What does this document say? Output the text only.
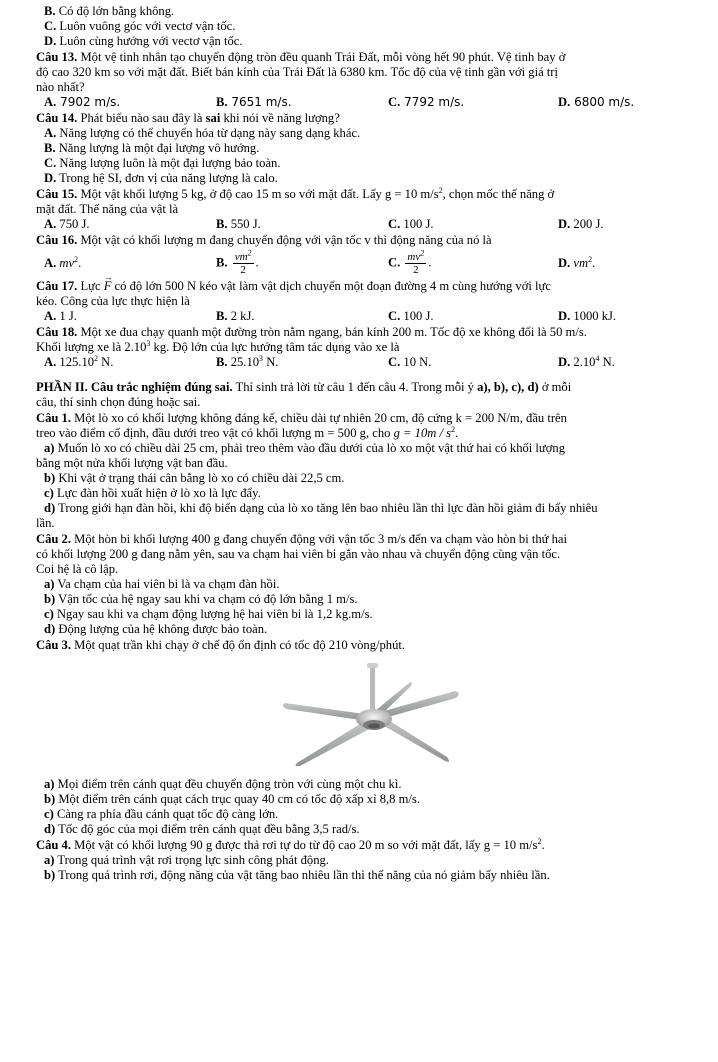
B. Có độ lớn bằng không.

C. Luôn vuông góc với vectơ vận tốc.

D. Luôn cùng hướng với vectơ vận tốc.

Câu 13. Một vệ tinh nhân tạo chuyển động tròn đều quanh Trái Đất, mỗi vòng hết 90 phút. Vệ tinh bay ở

độ cao 320 km so với mặt đất. Biết bán kính của Trái Đất là 6380 km. Tốc độ của vệ tinh gần với giá trị

nào nhất?

A. 7902 m/s.	B. 7651 m/s.	C. 7792 m/s.	D. 6800 m/s.

Câu 14. Phát biểu nào sau đây là sai khi nói về năng lượng?

A. Năng lượng có thể chuyển hóa từ dạng này sang dạng khác.

B. Năng lượng là một đại lượng vô hướng.

C. Năng lượng luôn là một đại lượng bảo toàn.

D. Trong hệ SI, đơn vị của năng lượng là calo.

Câu 15. Một vật khối lượng 5 kg, ở độ cao 15 m so với mặt đất. Lấy g = 10 $m/s^2$, chọn mốc thế năng ở

mặt đất. Thế năng của vật là

A. 750 J.	B. 550 J.	C. 100 J.	D. 200 J.

Câu 16. Một vật có khối lượng m đang chuyển động với vận tốc v thì động năng của nó là

A. $mv^2$.	B. $\frac{vm^2}{2}$ .	C. $\frac{mv^2}{2}$ .	D. $vm^2$.

Câu 17. Lực
→
F có độ lớn 500 N kéo vật làm vật dịch chuyển một đoạn đường 4 m cùng hướng với lực

kéo. Công của lực thực hiện là

A. 1 J.	B. 2 kJ.	C. 100 J.	D. 1000 kJ.

Câu 18. Một xe đua chạy quanh một đường tròn nằm ngang, bán kính 200 m. Tốc độ xe không đổi là 50 m/s.

Khối lượng xe là 2.10$^3$ kg. Độ lớn của lực hướng tâm tác dụng vào xe là

A. 125.10$^2$ N.	B. 25.10$^3$ N.	C. 10 N.	D. 2.10$^4$ N.

PHẦN II. Câu trắc nghiệm đúng sai. Thí sinh trả lời từ câu 1 đến câu 4. Trong mỗi ý a), b), c), d) ở mỗi

câu, thí sinh chọn đúng hoặc sai.

Câu 1. Một lò xo có khối lượng không đáng kể, chiều dài tự nhiên 20 cm, độ cứng k = 200 N/m, đầu trên

treo vào điểm cố định, đầu dưới treo vật có khối lượng m = 500 g, cho $g = 10m / s^2$.

a) Muốn lò xo có chiều dài 25 cm, phải treo thêm vào đầu dưới của lò xo một vật thứ hai có khối lượng

bằng một nửa khối lượng vật ban đầu.

b) Khi vật ở trạng thái cân bằng lò xo có chiều dài 22,5 cm.

c) Lực đàn hồi xuất hiện ở lò xo là lực đẩy.

d) Trong giới hạn đàn hồi, khi độ biến dạng của lò xo tăng lên bao nhiêu lần thì lực đàn hồi giảm đi bấy nhiêu

lần.

Câu 2. Một hòn bi khối lượng 400 g đang chuyển động với vận tốc 3 m/s đến va chạm vào hòn bi thứ hai

có khối lượng 200 g đang nằm yên, sau va chạm hai viên bi gắn vào nhau và chuyển động cùng vận tốc.

Coi hệ là cô lập.

a) Va chạm của hai viên bi là va chạm đàn hồi.

b) Vận tốc của hệ ngay sau khi va chạm có độ lớn bằng 1 m/s.

c) Ngay sau khi va chạm động lượng hệ hai viên bi là 1,2 kg.m/s.

d) Động lượng của hệ không được bảo toàn.

Câu 3. Một quạt trần khi chạy ở chế độ ổn định có tốc độ 210 vòng/phút.

a) Mọi điểm trên cánh quạt đều chuyển động tròn với cùng một chu kì.

b) Một điểm trên cánh quạt cách trục quay 40 cm có tốc độ xấp xỉ 8,8 m/s.

c) Càng ra phía đầu cánh quạt tốc độ càng lớn.

d) Tốc độ góc của mọi điểm trên cánh quạt đều bằng 3,5 rad/s.

Câu 4. Một vật có khối lượng 90 g được thả rơi tự do từ độ cao 20 m so với mặt đất, lấy g = 10 $m/s^2$.

a) Trong quá trình vật rơi trọng lực sinh công phát động.

b) Trong quá trình rơi, động năng của vật tăng bao nhiêu lần thì thế năng của nó giảm bấy nhiêu lần.
